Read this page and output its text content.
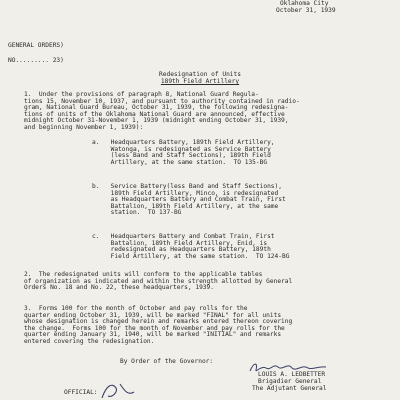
Oklahoma City
October 31, 1939
GENERAL ORDERS)
NO......... 23)
Redesignation of Units
189th Field Artillery
1.  Under the provisions of paragraph 8, National Guard Regula-
tions 15, November 10, 1937, and pursuant to authority contained in radio-
gram, National Guard Bureau, October 31, 1939, the following redesigna-
tions of units of the Oklahoma National Guard are announced, effective
midnight October 31-November 1, 1939 (midnight ending October 31, 1939,
and beginning November 1, 1939):
a.   Headquarters Battery, 189th Field Artillery,
Watonga, is redesignated as Service Battery
(less Band and Staff Sections), 189th Field
Artillery, at the same station.  TO 135-BG
b.   Service Battery(less Band and Staff Sections),
189th Field Artillery, Minco, is redesignated
as Headquarters Battery and Combat Train, First
Battalion, 189th Field Artillery, at the same
station.  TO 137-BG
c.   Headquarters Battery and Combat Train, First
Battalion, 189th Field Artillery, Enid, is
redesignated as Headquarters Battery, 189th
Field Artillery, at the same station.  TO 124-BG
2.  The redesignated units will conform to the applicable tables
of organization as indicated and within the strength allotted by General
Orders No. 18 and No. 22, these headquarters, 1939.
3.  Forms 100 for the month of October and pay rolls for the
quarter ending October 31, 1939, will be marked "FINAL" for all units
whose designation is changed herein and remarks entered thereon covering
the change.  Forms 100 for the month of November and pay rolls for the
quarter ending January 31, 1940, will be marked "INITIAL" and remarks
entered covering the redesignation.
By Order of the Governor:
LOUIS A. LEDBETTER
Brigadier General
The Adjutant General
OFFICIAL:
